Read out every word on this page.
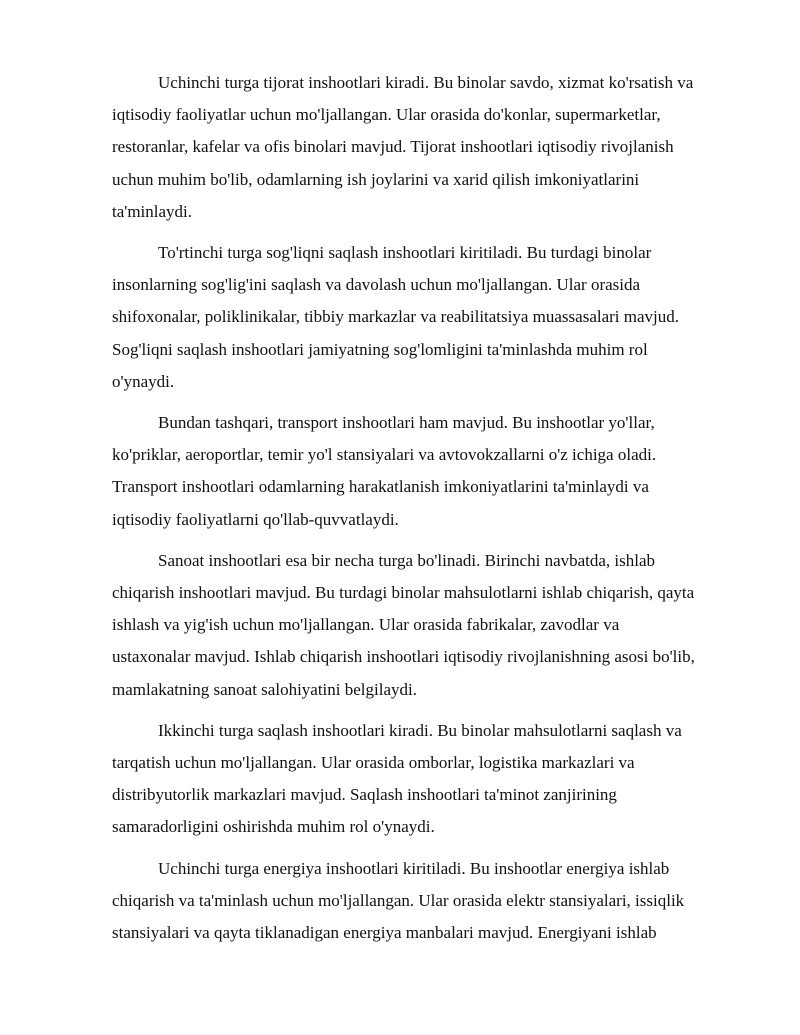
Uchinchi turga tijorat inshootlari kiradi. Bu binolar savdo, xizmat ko'rsatish va
iqtisodiy faoliyatlar uchun mo'ljallangan. Ular orasida do'konlar, supermarketlar,
restoranlar, kafelar va ofis binolari mavjud. Tijorat inshootlari iqtisodiy rivojlanish
uchun muhim bo'lib, odamlarning ish joylarini va xarid qilish imkoniyatlarini
ta'minlaydi.
To'rtinchi turga sog'liqni saqlash inshootlari kiritiladi. Bu turdagi binolar
insonlarning sog'lig'ini saqlash va davolash uchun mo'ljallangan. Ular orasida
shifoxonalar, poliklinikalar, tibbiy markazlar va reabilitatsiya muassasalari mavjud.
Sog'liqni saqlash inshootlari jamiyatning sog'lomligini ta'minlashda muhim rol
o'ynaydi.
Bundan tashqari, transport inshootlari ham mavjud. Bu inshootlar yo'llar,
ko'priklar, aeroportlar, temir yo'l stansiyalari va avtovokzallarni o'z ichiga oladi.
Transport inshootlari odamlarning harakatlanish imkoniyatlarini ta'minlaydi va
iqtisodiy faoliyatlarni qo'llab-quvvatlaydi.
Sanoat inshootlari esa bir necha turga bo'linadi. Birinchi navbatda, ishlab
chiqarish inshootlari mavjud. Bu turdagi binolar mahsulotlarni ishlab chiqarish, qayta
ishlash va yig'ish uchun mo'ljallangan. Ular orasida fabrikalar, zavodlar va
ustaxonalar mavjud. Ishlab chiqarish inshootlari iqtisodiy rivojlanishning asosi bo'lib,
mamlakatning sanoat salohiyatini belgilaydi.
Ikkinchi turga saqlash inshootlari kiradi. Bu binolar mahsulotlarni saqlash va
tarqatish uchun mo'ljallangan. Ular orasida omborlar, logistika markazlari va
distribyutorlik markazlari mavjud. Saqlash inshootlari ta'minot zanjirining
samaradorligini oshirishda muhim rol o'ynaydi.
Uchinchi turga energiya inshootlari kiritiladi. Bu inshootlar energiya ishlab
chiqarish va ta'minlash uchun mo'ljallangan. Ular orasida elektr stansiyalari, issiqlik
stansiyalari va qayta tiklanadigan energiya manbalari mavjud. Energiyani ishlab
